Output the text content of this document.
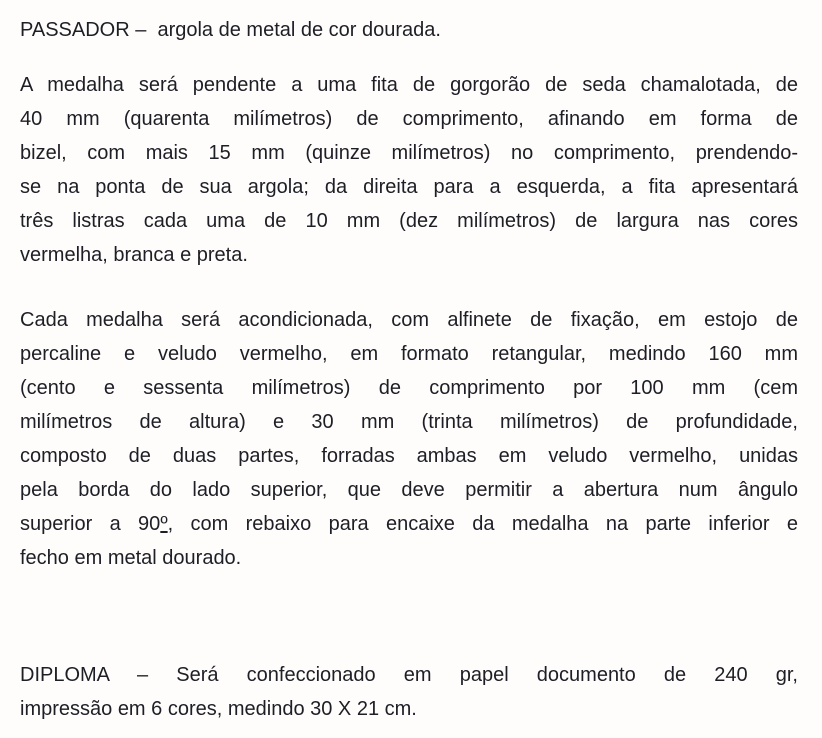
PASSADOR –  argola de metal de cor dourada.
A medalha será pendente a uma fita de gorgorão de seda chamalotada, de
40 mm (quarenta milímetros) de comprimento, afinando em forma de
bizel, com mais 15 mm (quinze milímetros) no comprimento, prendendo-
se na ponta de sua argola; da direita para a esquerda, a fita apresentará
três listras cada uma de 10 mm (dez milímetros) de largura nas cores
vermelha, branca e preta.
Cada medalha será acondicionada, com alfinete de fixação, em estojo de
percaline e veludo vermelho, em formato retangular, medindo 160 mm
(cento e sessenta milímetros) de comprimento por 100 mm (cem
milímetros de altura) e 30 mm (trinta milímetros) de profundidade,
composto de duas partes, forradas ambas em veludo vermelho, unidas
pela borda do lado superior, que deve permitir a abertura num ângulo
superior a 90º, com rebaixo para encaixe da medalha na parte inferior e
fecho em metal dourado.
DIPLOMA – Será confeccionado em papel documento de 240 gr,
impressão em 6 cores, medindo 30 X 21 cm.
